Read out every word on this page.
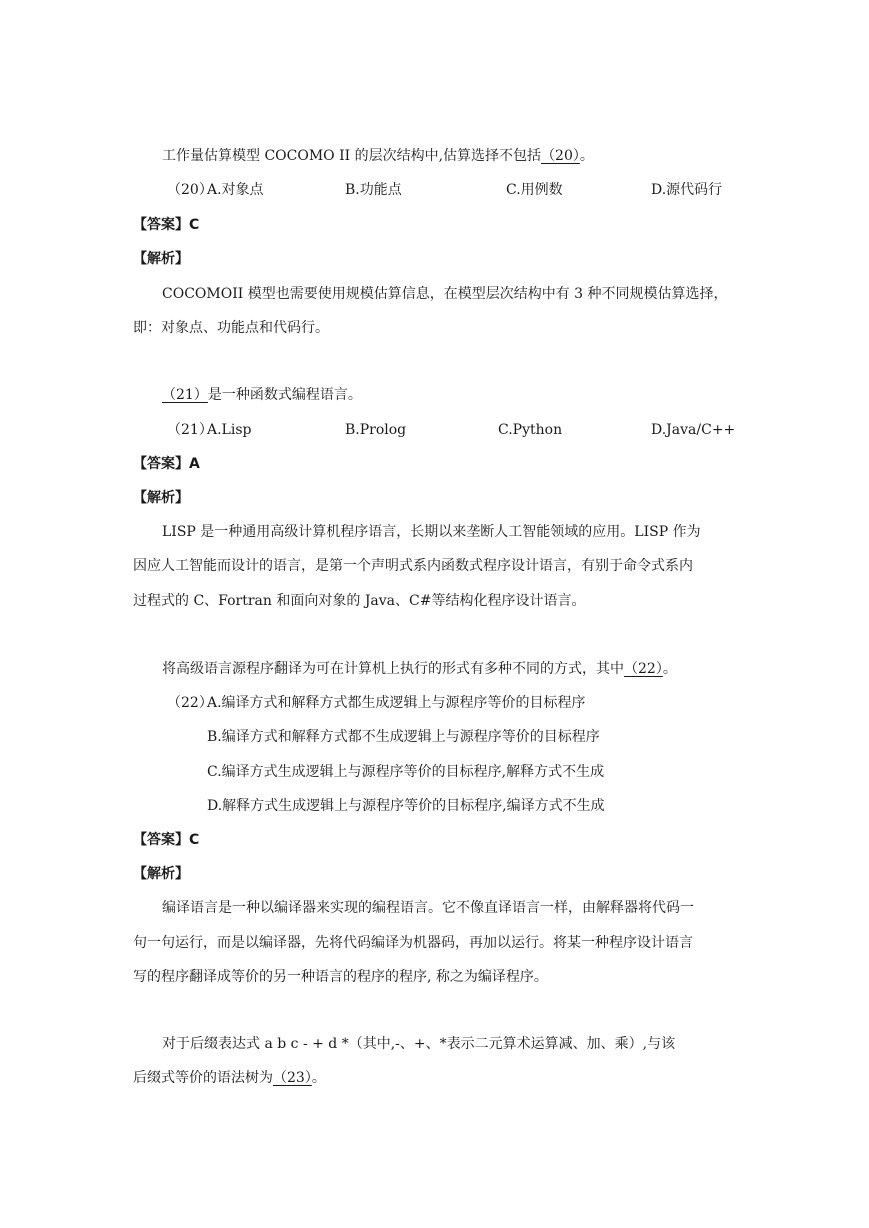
工作量估算模型 COCOMO II 的层次结构中,估算选择不包括（20）。
（20）
A.对象点	B.功能点	C.用例数	D.源代码行
【答案】C
【解析】
COCOMOII 模型也需要使用规模估算信息，在模型层次结构中有 3 种不同规模估算选择，
即：对象点、功能点和代码行。
（21）是一种函数式编程语言。
（21）
A.Lisp	B.Prolog	C.Python	D.Java/C++
【答案】A
【解析】
LISP 是一种通用高级计算机程序语言，长期以来垄断人工智能领域的应用。LISP 作为
因应人工智能而设计的语言，是第一个声明式系内函数式程序设计语言，有别于命令式系内
过程式的 C、Fortran 和面向对象的 Java、C#等结构化程序设计语言。
将高级语言源程序翻译为可在计算机上执行的形式有多种不同的方式，其中（22）。
（22）
A.编译方式和解释方式都生成逻辑上与源程序等价的目标程序
B.编译方式和解释方式都不生成逻辑上与源程序等价的目标程序
C.编译方式生成逻辑上与源程序等价的目标程序,解释方式不生成
D.解释方式生成逻辑上与源程序等价的目标程序,编译方式不生成
【答案】C
【解析】
编译语言是一种以编译器来实现的编程语言。它不像直译语言一样，由解释器将代码一
句一句运行，而是以编译器，先将代码编译为机器码，再加以运行。将某一种程序设计语言
写的程序翻译成等价的另一种语言的程序的程序, 称之为编译程序。
对于后缀表达式 a b c - + d *（其中,-、+、*表示二元算术运算减、加、乘）,与该
后缀式等价的语法树为（23）。
